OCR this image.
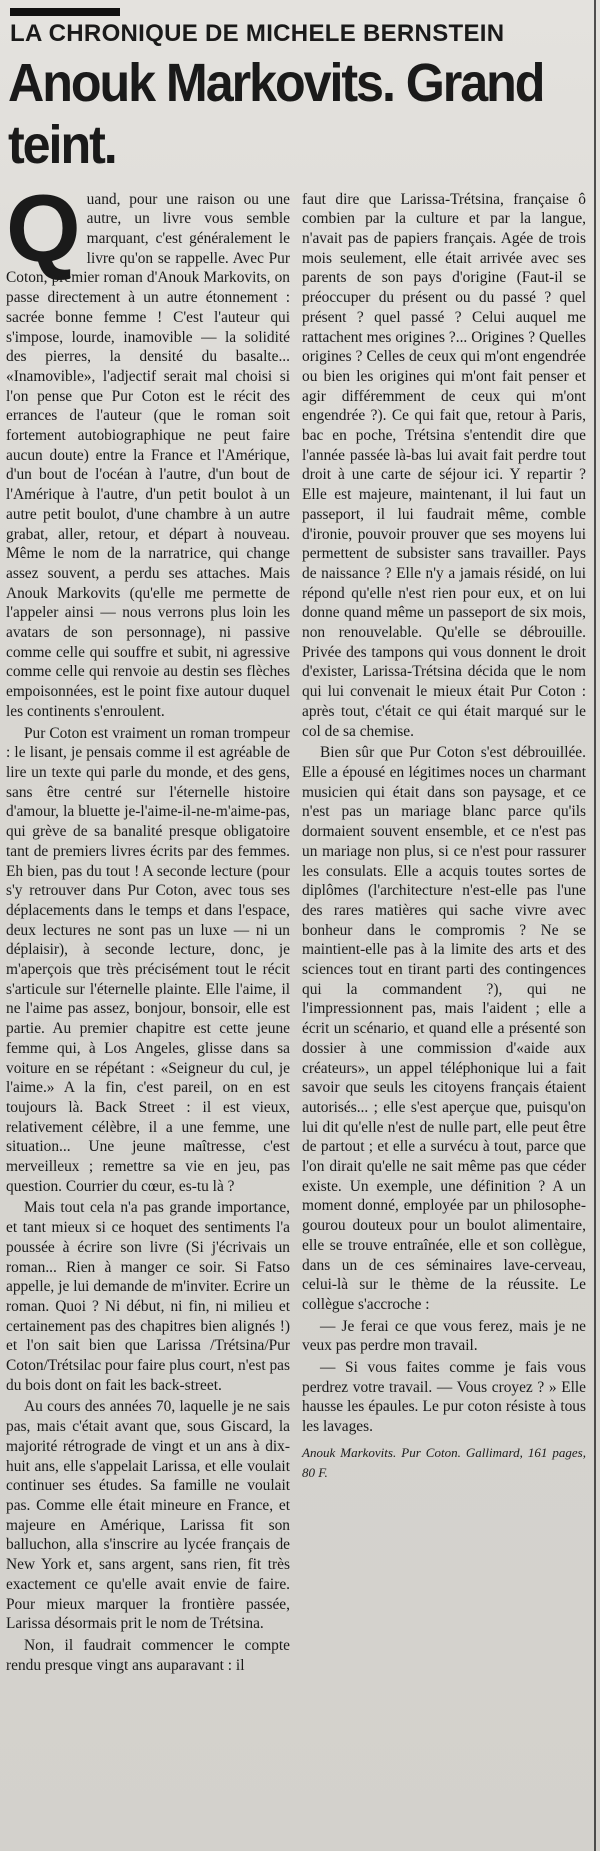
LA CHRONIQUE DE MICHELE BERNSTEIN
Anouk Markovits. Grand teint.

Quand, pour une raison ou une autre, un livre vous semble marquant, c'est généralement le livre qu'on se rappelle. Avec Pur Coton, premier roman d'Anouk Markovits, on passe directement à un autre étonnement : sacrée bonne femme ! C'est l'auteur qui s'impose, lourde, inamovible — la solidité des pierres, la densité du basalte... «Inamovible», l'adjectif serait mal choisi si l'on pense que Pur Coton est le récit des errances de l'auteur (que le roman soit fortement autobiographique ne peut faire aucun doute) entre la France et l'Amérique, d'un bout de l'océan à l'autre, d'un bout de l'Amérique à l'autre, d'un petit boulot à un autre petit boulot, d'une chambre à un autre grabat, aller, retour, et départ à nouveau. Même le nom de la narratrice, qui change assez souvent, a perdu ses attaches. Mais Anouk Markovits (qu'elle me permette de l'appeler ainsi — nous verrons plus loin les avatars de son personnage), ni passive comme celle qui souffre et subit, ni agressive comme celle qui renvoie au destin ses flèches empoisonnées, est le point fixe autour duquel les continents s'enroulent.

Pur Coton est vraiment un roman trompeur : le lisant, je pensais comme il est agréable de lire un texte qui parle du monde, et des gens, sans être centré sur l'éternelle histoire d'amour, la bluette je-l'aime-il-ne-m'aime-pas, qui grève de sa banalité presque obligatoire tant de premiers livres écrits par des femmes. Eh bien, pas du tout ! A seconde lecture (pour s'y retrouver dans Pur Coton, avec tous ses déplacements dans le temps et dans l'espace, deux lectures ne sont pas un luxe — ni un déplaisir), à seconde lecture, donc, je m'aperçois que très précisément tout le récit s'articule sur l'éternelle plainte. Elle l'aime, il ne l'aime pas assez, bonjour, bonsoir, elle est partie. Au premier chapitre est cette jeune femme qui, à Los Angeles, glisse dans sa voiture en se répétant : «Seigneur du cul, je l'aime.» A la fin, c'est pareil, on en est toujours là. Back Street : il est vieux, relativement célèbre, il a une femme, une situation... Une jeune maîtresse, c'est merveilleux ; remettre sa vie en jeu, pas question. Courrier du cœur, es-tu là ?

Mais tout cela n'a pas grande importance, et tant mieux si ce hoquet des sentiments l'a poussée à écrire son livre (Si j'écrivais un roman... Rien à manger ce soir. Si Fatso appelle, je lui demande de m'inviter. Ecrire un roman. Quoi ? Ni début, ni fin, ni milieu et certainement pas des chapitres bien alignés !) et l'on sait bien que Larissa /Trétsina/Pur Coton/Trétsilac pour faire plus court, n'est pas du bois dont on fait les back-street.

Au cours des années 70, laquelle je ne sais pas, mais c'était avant que, sous Giscard, la majorité rétrograde de vingt et un ans à dix-huit ans, elle s'appelait Larissa, et elle voulait continuer ses études. Sa famille ne voulait pas. Comme elle était mineure en France, et majeure en Amérique, Larissa fit son balluchon, alla s'inscrire au lycée français de New York et, sans argent, sans rien, fit très exactement ce qu'elle avait envie de faire. Pour mieux marquer la frontière passée, Larissa désormais prit le nom de Trétsina.

Non, il faudrait commencer le compte rendu presque vingt ans auparavant : il

faut dire que Larissa-Trétsina, française ô combien par la culture et par la langue, n'avait pas de papiers français. Agée de trois mois seulement, elle était arrivée avec ses parents de son pays d'origine (Faut-il se préoccuper du présent ou du passé ? quel présent ? quel passé ? Celui auquel me rattachent mes origines ?... Origines ? Quelles origines ? Celles de ceux qui m'ont engendrée ou bien les origines qui m'ont fait penser et agir différemment de ceux qui m'ont engendrée ?). Ce qui fait que, retour à Paris, bac en poche, Trétsina s'entendit dire que l'année passée là-bas lui avait fait perdre tout droit à une carte de séjour ici. Y repartir ? Elle est majeure, maintenant, il lui faut un passeport, il lui faudrait même, comble d'ironie, pouvoir prouver que ses moyens lui permettent de subsister sans travailler. Pays de naissance ? Elle n'y a jamais résidé, on lui répond qu'elle n'est rien pour eux, et on lui donne quand même un passeport de six mois, non renouvelable. Qu'elle se débrouille. Privée des tampons qui vous donnent le droit d'exister, Larissa-Trétsina décida que le nom qui lui convenait le mieux était Pur Coton : après tout, c'était ce qui était marqué sur le col de sa chemise.

Bien sûr que Pur Coton s'est débrouillée. Elle a épousé en légitimes noces un charmant musicien qui était dans son paysage, et ce n'est pas un mariage blanc parce qu'ils dormaient souvent ensemble, et ce n'est pas un mariage non plus, si ce n'est pour rassurer les consulats. Elle a acquis toutes sortes de diplômes (l'architecture n'est-elle pas l'une des rares matières qui sache vivre avec bonheur dans le compromis ? Ne se maintient-elle pas à la limite des arts et des sciences tout en tirant parti des contingences qui la commandent ?), qui ne l'impressionnent pas, mais l'aident ; elle a écrit un scénario, et quand elle a présenté son dossier à une commission d'«aide aux créateurs», un appel téléphonique lui a fait savoir que seuls les citoyens français étaient autorisés... ; elle s'est aperçue que, puisqu'on lui dit qu'elle n'est de nulle part, elle peut être de partout ; et elle a survécu à tout, parce que l'on dirait qu'elle ne sait même pas que céder existe. Un exemple, une définition ? A un moment donné, employée par un philosophe-gourou douteux pour un boulot alimentaire, elle se trouve entraînée, elle et son collègue, dans un de ces séminaires lave-cerveau, celui-là sur le thème de la réussite. Le collègue s'accroche :

— Je ferai ce que vous ferez, mais je ne veux pas perdre mon travail.

— Si vous faites comme je fais vous perdrez votre travail. — Vous croyez ? » Elle hausse les épaules. Le pur coton résiste à tous les lavages.

Anouk Markovits. Pur Coton. Gallimard, 161 pages, 80 F.
